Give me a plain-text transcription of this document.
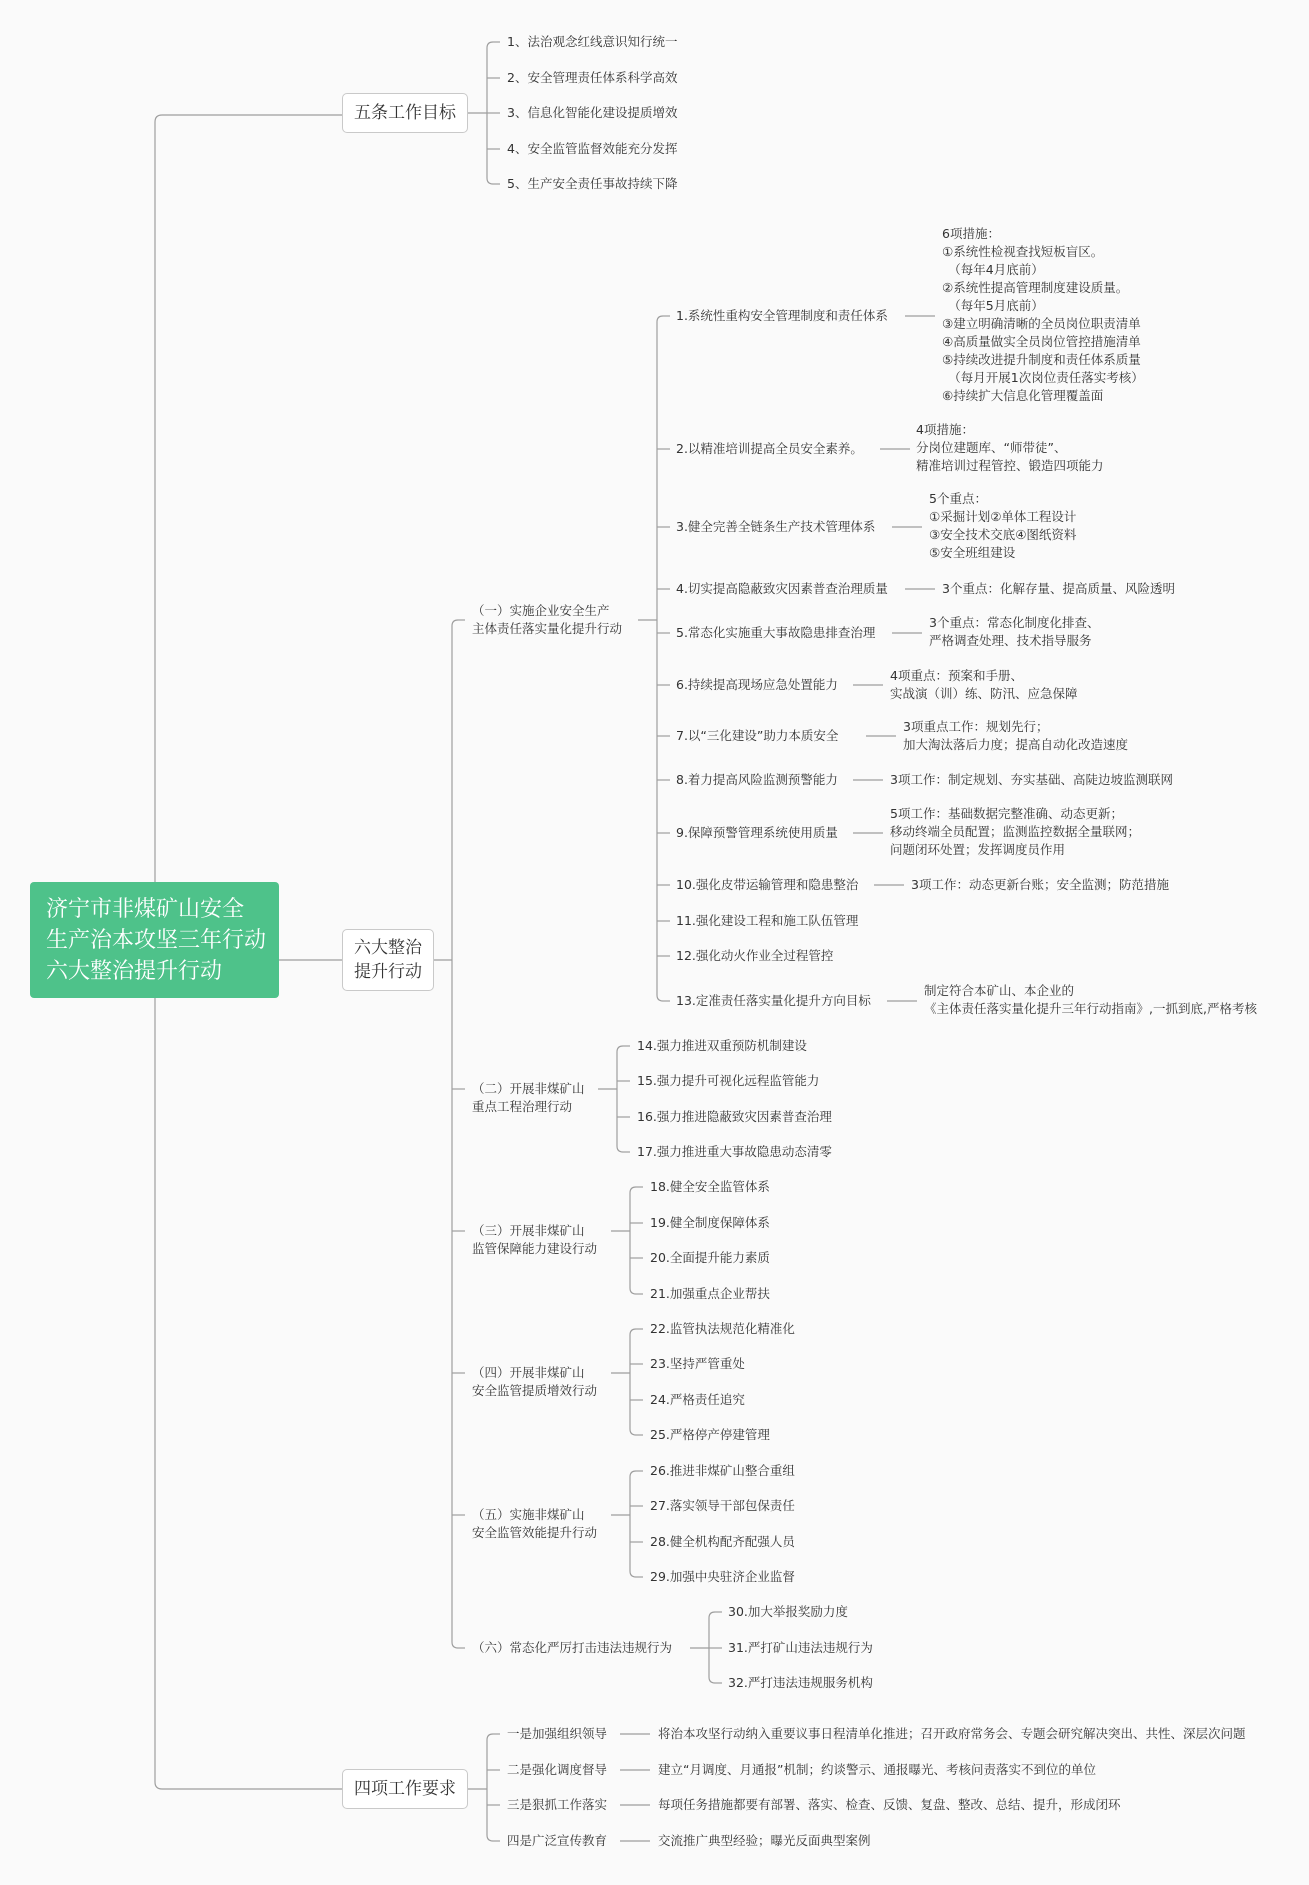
济宁市非煤矿山安全
生产治本攻坚三年行动
六大整治提升行动
五条工作目标
1、法治观念红线意识知行统一
2、安全管理责任体系科学高效
3、信息化智能化建设提质增效
4、安全监管监督效能充分发挥
5、生产安全责任事故持续下降
六大整治
提升行动
（一）实施企业安全生产
主体责任落实量化提升行动
1.系统性重构安全管理制度和责任体系
6项措施：
①系统性检视查找短板盲区。
　（每年4月底前）
②系统性提高管理制度建设质量。
　（每年5月底前）
③建立明确清晰的全员岗位职责清单
④高质量做实全员岗位管控措施清单
⑤持续改进提升制度和责任体系质量
　（每月开展1次岗位责任落实考核）
⑥持续扩大信息化管理覆盖面
2.以精准培训提高全员安全素养。
4项措施：
分岗位建题库、“师带徒”、
精准培训过程管控、锻造四项能力
3.健全完善全链条生产技术管理体系
5个重点：
①采掘计划②单体工程设计
③安全技术交底④图纸资料
⑤安全班组建设
4.切实提高隐蔽致灾因素普查治理质量	3个重点：化解存量、提高质量、风险透明
5.常态化实施重大事故隐患排查治理
3个重点：常态化制度化排查、
严格调查处理、技术指导服务
6.持续提高现场应急处置能力
4项重点：预案和手册、
实战演（训）练、防汛、应急保障
7.以“三化建设”助力本质安全
3项重点工作：规划先行；
加大淘汰落后力度；提高自动化改造速度
8.着力提高风险监测预警能力	3项工作：制定规划、夯实基础、高陡边坡监测联网
9.保障预警管理系统使用质量
5项工作：基础数据完整准确、动态更新；
移动终端全员配置；监测监控数据全量联网；
问题闭环处置；发挥调度员作用
10.强化皮带运输管理和隐患整治	3项工作：动态更新台账；安全监测；防范措施
11.强化建设工程和施工队伍管理
12.强化动火作业全过程管控
13.定准责任落实量化提升方向目标
制定符合本矿山、本企业的
《主体责任落实量化提升三年行动指南》,一抓到底,严格考核
（二）开展非煤矿山
重点工程治理行动
14.强力推进双重预防机制建设
15.强力提升可视化远程监管能力
16.强力推进隐蔽致灾因素普查治理
17.强力推进重大事故隐患动态清零
（三）开展非煤矿山
监管保障能力建设行动
18.健全安全监管体系
19.健全制度保障体系
20.全面提升能力素质
21.加强重点企业帮扶
（四）开展非煤矿山
安全监管提质增效行动
22.监管执法规范化精准化
23.坚持严管重处
24.严格责任追究
25.严格停产停建管理
（五）实施非煤矿山
安全监管效能提升行动
26.推进非煤矿山整合重组
27.落实领导干部包保责任
28.健全机构配齐配强人员
29.加强中央驻济企业监督
（六）常态化严厉打击违法违规行为
30.加大举报奖励力度
31.严打矿山违法违规行为
32.严打违法违规服务机构
四项工作要求
一是加强组织领导	将治本攻坚行动纳入重要议事日程清单化推进；召开政府常务会、专题会研究解决突出、共性、深层次问题
二是强化调度督导	建立“月调度、月通报”机制；约谈警示、通报曝光、考核问责落实不到位的单位
三是狠抓工作落实	每项任务措施都要有部署、落实、检查、反馈、复盘、整改、总结、提升，形成闭环
四是广泛宣传教育	交流推广典型经验；曝光反面典型案例
